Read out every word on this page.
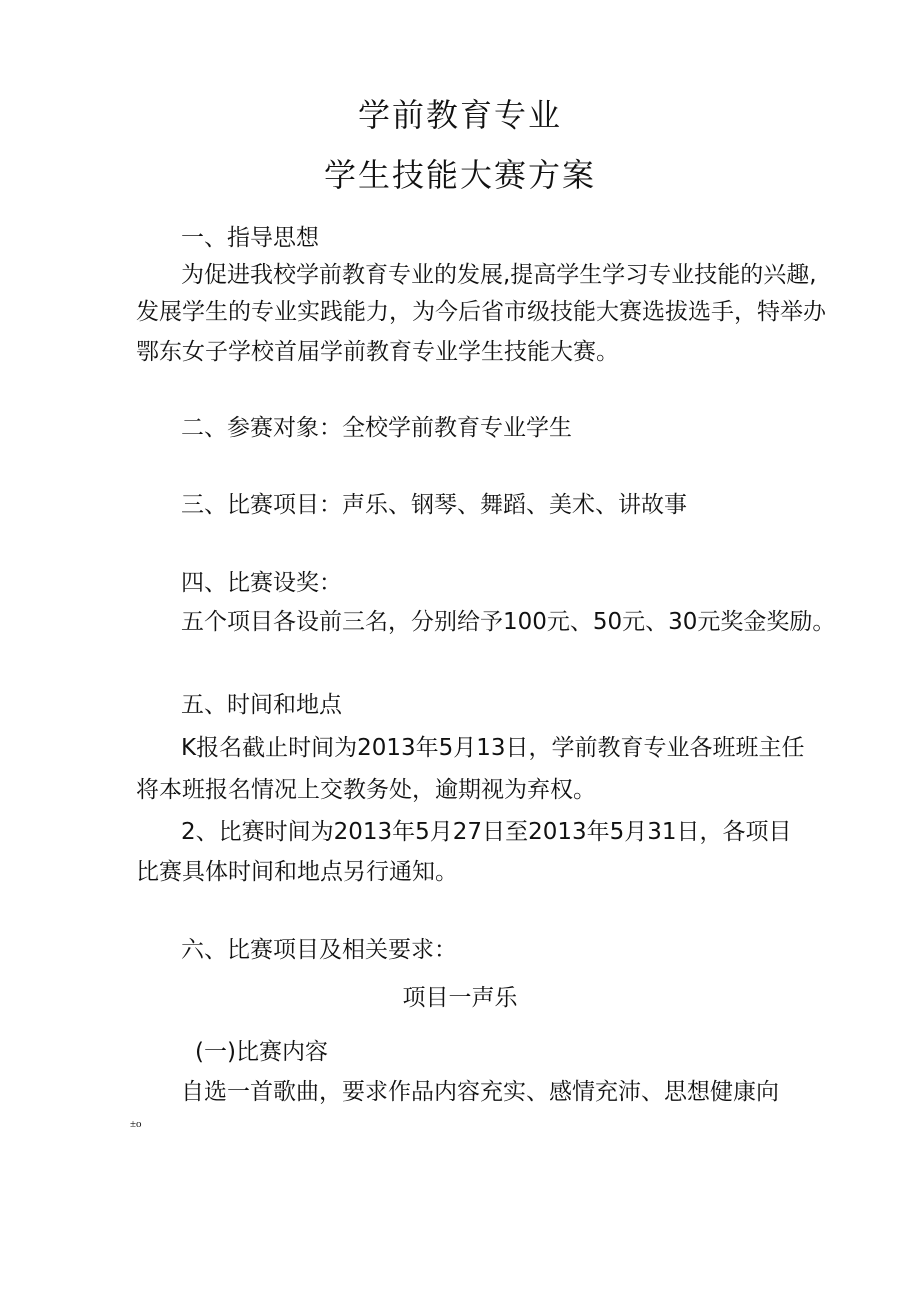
学前教育专业
学生技能大赛方案
一、指导思想
为促进我校学前教育专业的发展,提高学生学习专业技能的兴趣,
发展学生的专业实践能力，为今后省市级技能大赛选拔选手，特举办
鄂东女子学校首届学前教育专业学生技能大赛。
二、参赛对象：全校学前教育专业学生
三、比赛项目：声乐、钢琴、舞蹈、美术、讲故事
四、比赛设奖：
五个项目各设前三名，分别给予100元、50元、30元奖金奖励。
五、时间和地点
K报名截止时间为2013年5月13日，学前教育专业各班班主任
将本班报名情况上交教务处，逾期视为弃权。
2、比赛时间为2013年5月27日至2013年5月31日，各项目
比赛具体时间和地点另行通知。
六、比赛项目及相关要求：
项目一声乐
(一)比赛内容
自选一首歌曲，要求作品内容充实、感情充沛、思想健康向
±o
